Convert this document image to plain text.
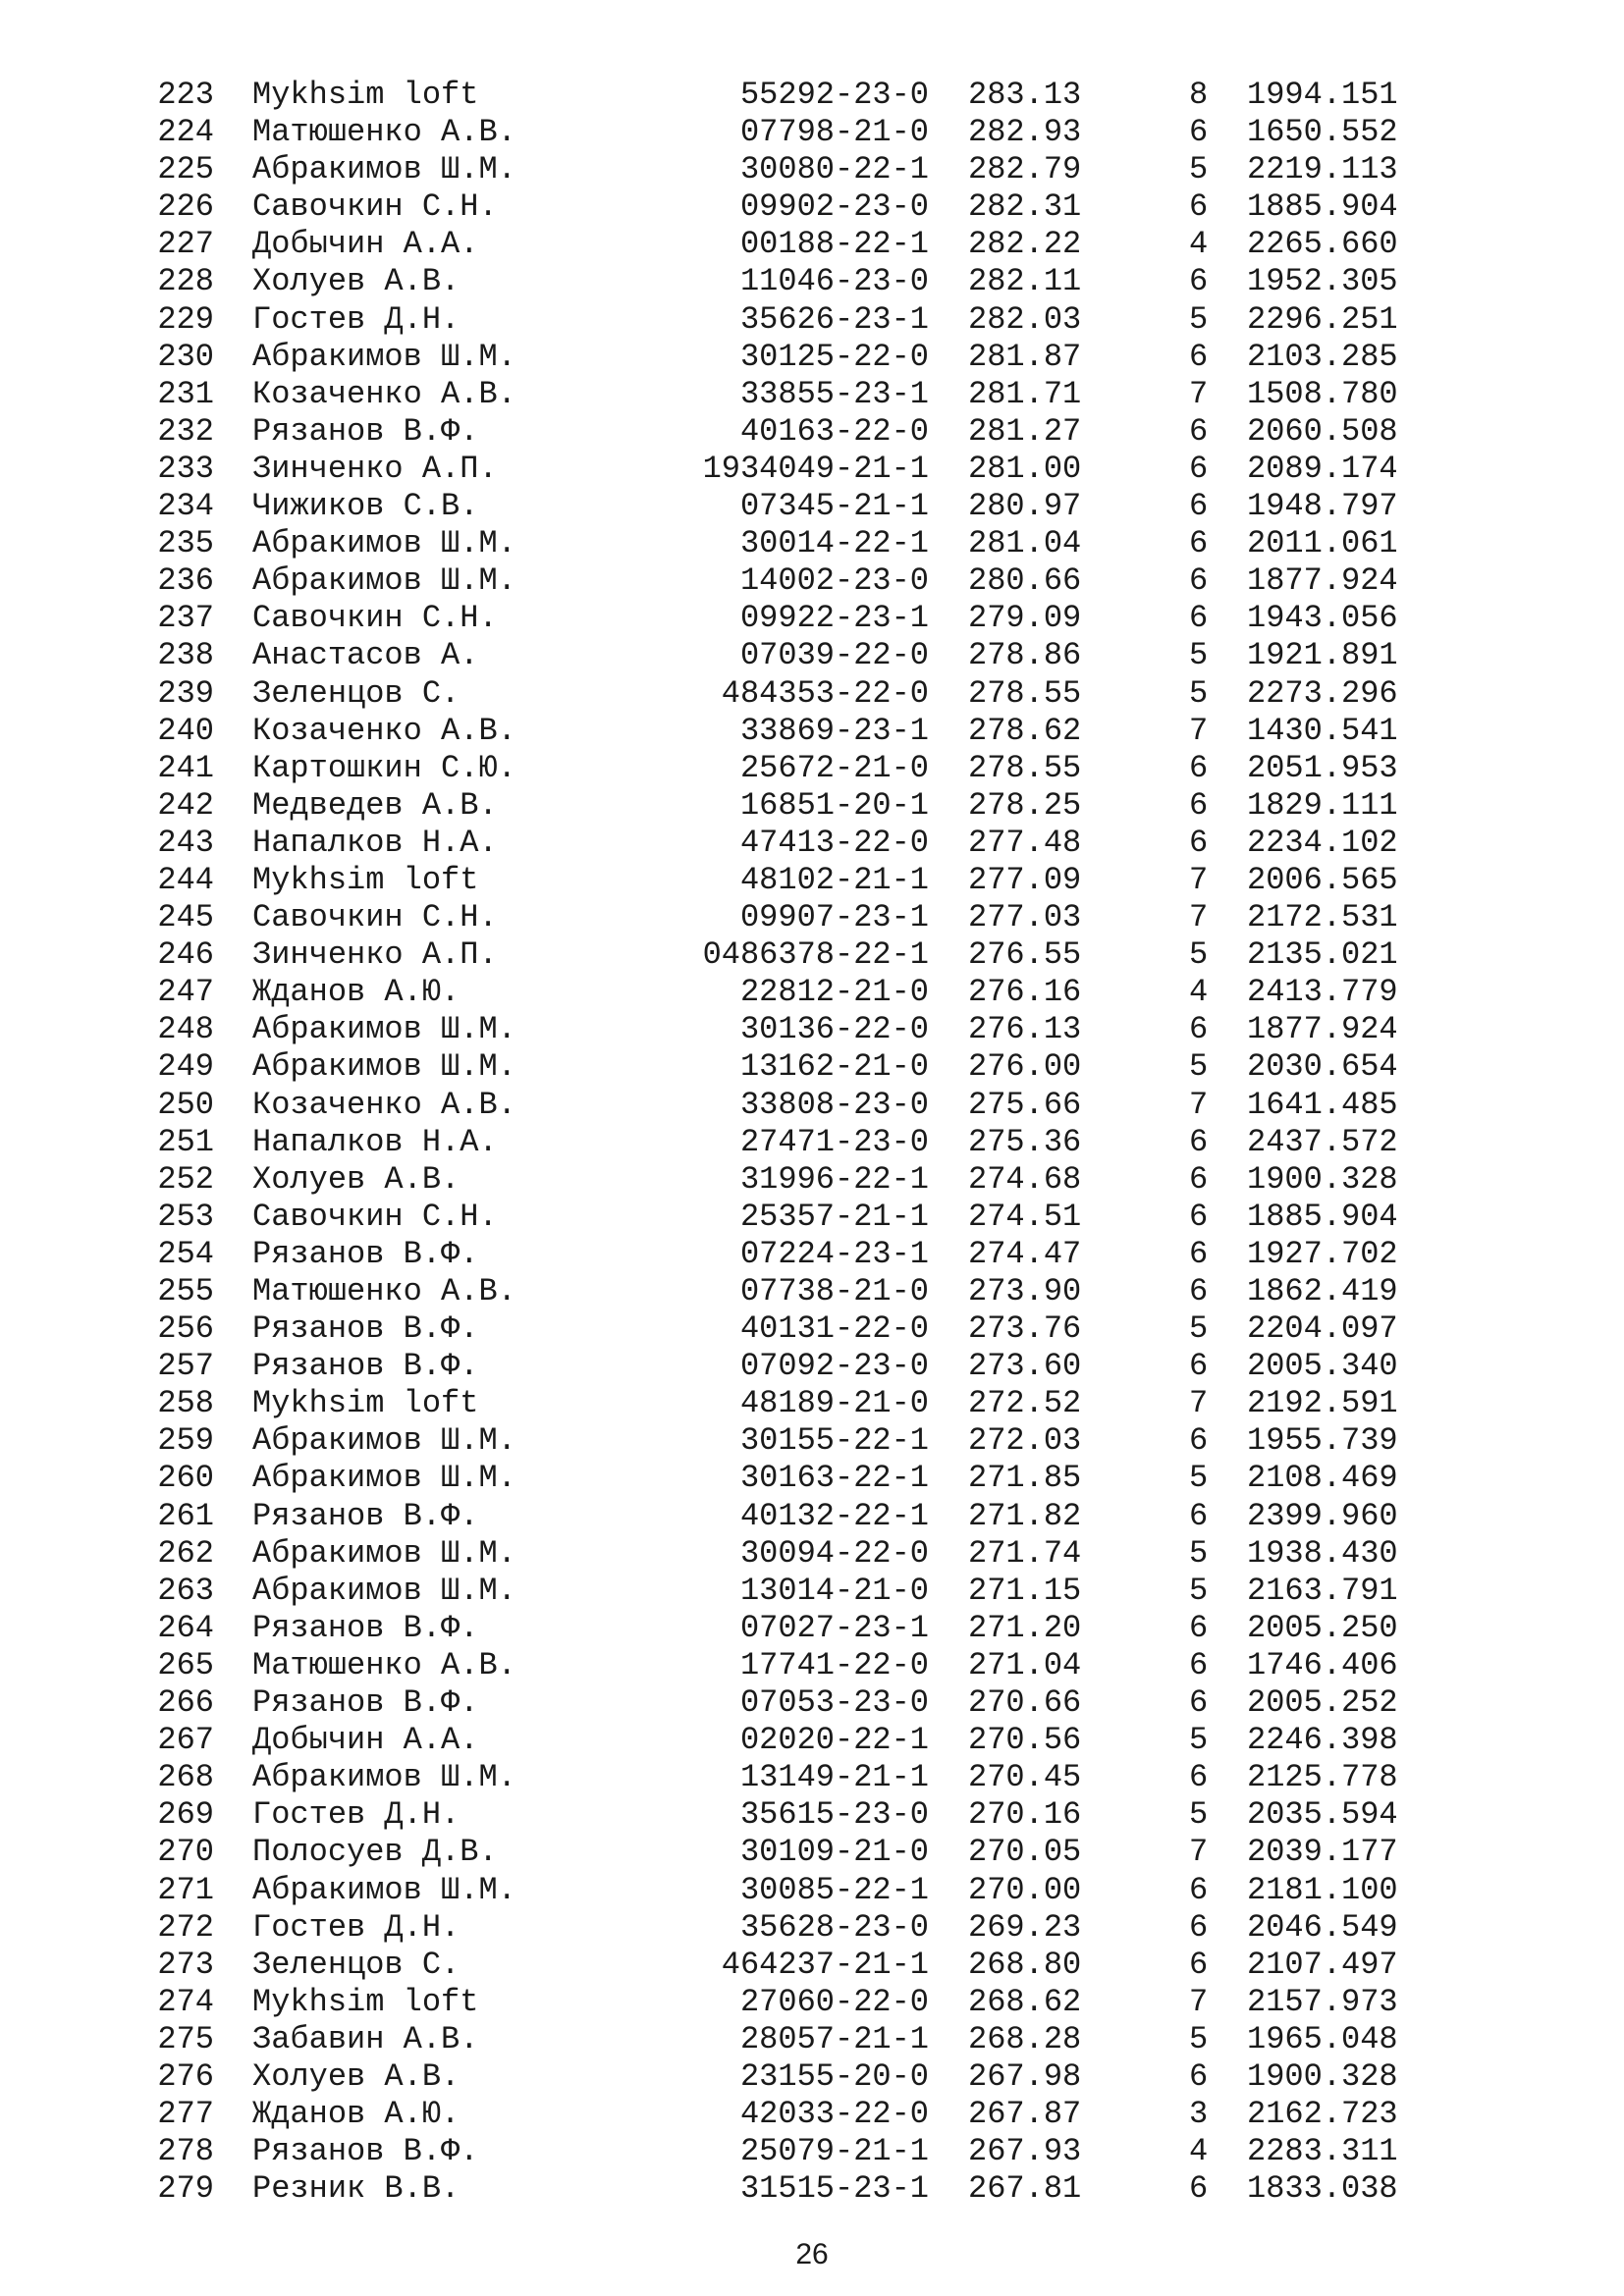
223 Mykhsim loft	55292-23-0 283.13	8 1994.151
224 Матюшенко А.В.	07798-21-0 282.93	6 1650.552
225 Абракимов Ш.М.	30080-22-1 282.79	5 2219.113
226 Савочкин С.Н.	09902-23-0 282.31	6 1885.904
227 Добычин А.А.	00188-22-1 282.22	4 2265.660
228 Холуев А.В.	11046-23-0 282.11	6 1952.305
229 Гостев Д.Н.	35626-23-1 282.03	5 2296.251
230 Абракимов Ш.М.	30125-22-0 281.87	6 2103.285
231 Козаченко А.В.	33855-23-1 281.71	7 1508.780
232 Рязанов В.Ф.	40163-22-0 281.27	6 2060.508
233 Зинченко А.П.	1934049-21-1 281.00	6 2089.174
234 Чижиков С.В.	07345-21-1 280.97	6 1948.797
235 Абракимов Ш.М.	30014-22-1 281.04	6 2011.061
236 Абракимов Ш.М.	14002-23-0 280.66	6 1877.924
237 Савочкин С.Н.	09922-23-1 279.09	6 1943.056
238 Анастасов А.	07039-22-0 278.86	5 1921.891
239 Зеленцов С.	484353-22-0 278.55	5 2273.296
240 Козаченко А.В.	33869-23-1 278.62	7 1430.541
241 Картошкин С.Ю.	25672-21-0 278.55	6 2051.953
242 Медведев А.В.	16851-20-1 278.25	6 1829.111
243 Напалков Н.А.	47413-22-0 277.48	6 2234.102
244 Mykhsim loft	48102-21-1 277.09	7 2006.565
245 Савочкин С.Н.	09907-23-1 277.03	7 2172.531
246 Зинченко А.П.	0486378-22-1 276.55	5 2135.021
247 Жданов А.Ю.	22812-21-0 276.16	4 2413.779
248 Абракимов Ш.М.	30136-22-0 276.13	6 1877.924
249 Абракимов Ш.М.	13162-21-0 276.00	5 2030.654
250 Козаченко А.В.	33808-23-0 275.66	7 1641.485
251 Напалков Н.А.	27471-23-0 275.36	6 2437.572
252 Холуев А.В.	31996-22-1 274.68	6 1900.328
253 Савочкин С.Н.	25357-21-1 274.51	6 1885.904
254 Рязанов В.Ф.	07224-23-1 274.47	6 1927.702
255 Матюшенко А.В.	07738-21-0 273.90	6 1862.419
256 Рязанов В.Ф.	40131-22-0 273.76	5 2204.097
257 Рязанов В.Ф.	07092-23-0 273.60	6 2005.340
258 Mykhsim loft	48189-21-0 272.52	7 2192.591
259 Абракимов Ш.М.	30155-22-1 272.03	6 1955.739
260 Абракимов Ш.М.	30163-22-1 271.85	5 2108.469
261 Рязанов В.Ф.	40132-22-1 271.82	6 2399.960
262 Абракимов Ш.М.	30094-22-0 271.74	5 1938.430
263 Абракимов Ш.М.	13014-21-0 271.15	5 2163.791
264 Рязанов В.Ф.	07027-23-1 271.20	6 2005.250
265 Матюшенко А.В.	17741-22-0 271.04	6 1746.406
266 Рязанов В.Ф.	07053-23-0 270.66	6 2005.252
267 Добычин А.А.	02020-22-1 270.56	5 2246.398
268 Абракимов Ш.М.	13149-21-1 270.45	6 2125.778
269 Гостев Д.Н.	35615-23-0 270.16	5 2035.594
270 Полосуев Д.В.	30109-21-0 270.05	7 2039.177
271 Абракимов Ш.М.	30085-22-1 270.00	6 2181.100
272 Гостев Д.Н.	35628-23-0 269.23	6 2046.549
273 Зеленцов С.	464237-21-1 268.80	6 2107.497
274 Mykhsim loft	27060-22-0 268.62	7 2157.973
275 Забавин А.В.	28057-21-1 268.28	5 1965.048
276 Холуев А.В.	23155-20-0 267.98	6 1900.328
277 Жданов А.Ю.	42033-22-0 267.87	3 2162.723
278 Рязанов В.Ф.	25079-21-1 267.93	4 2283.311
279 Резник В.В.	31515-23-1 267.81	6 1833.038
26
